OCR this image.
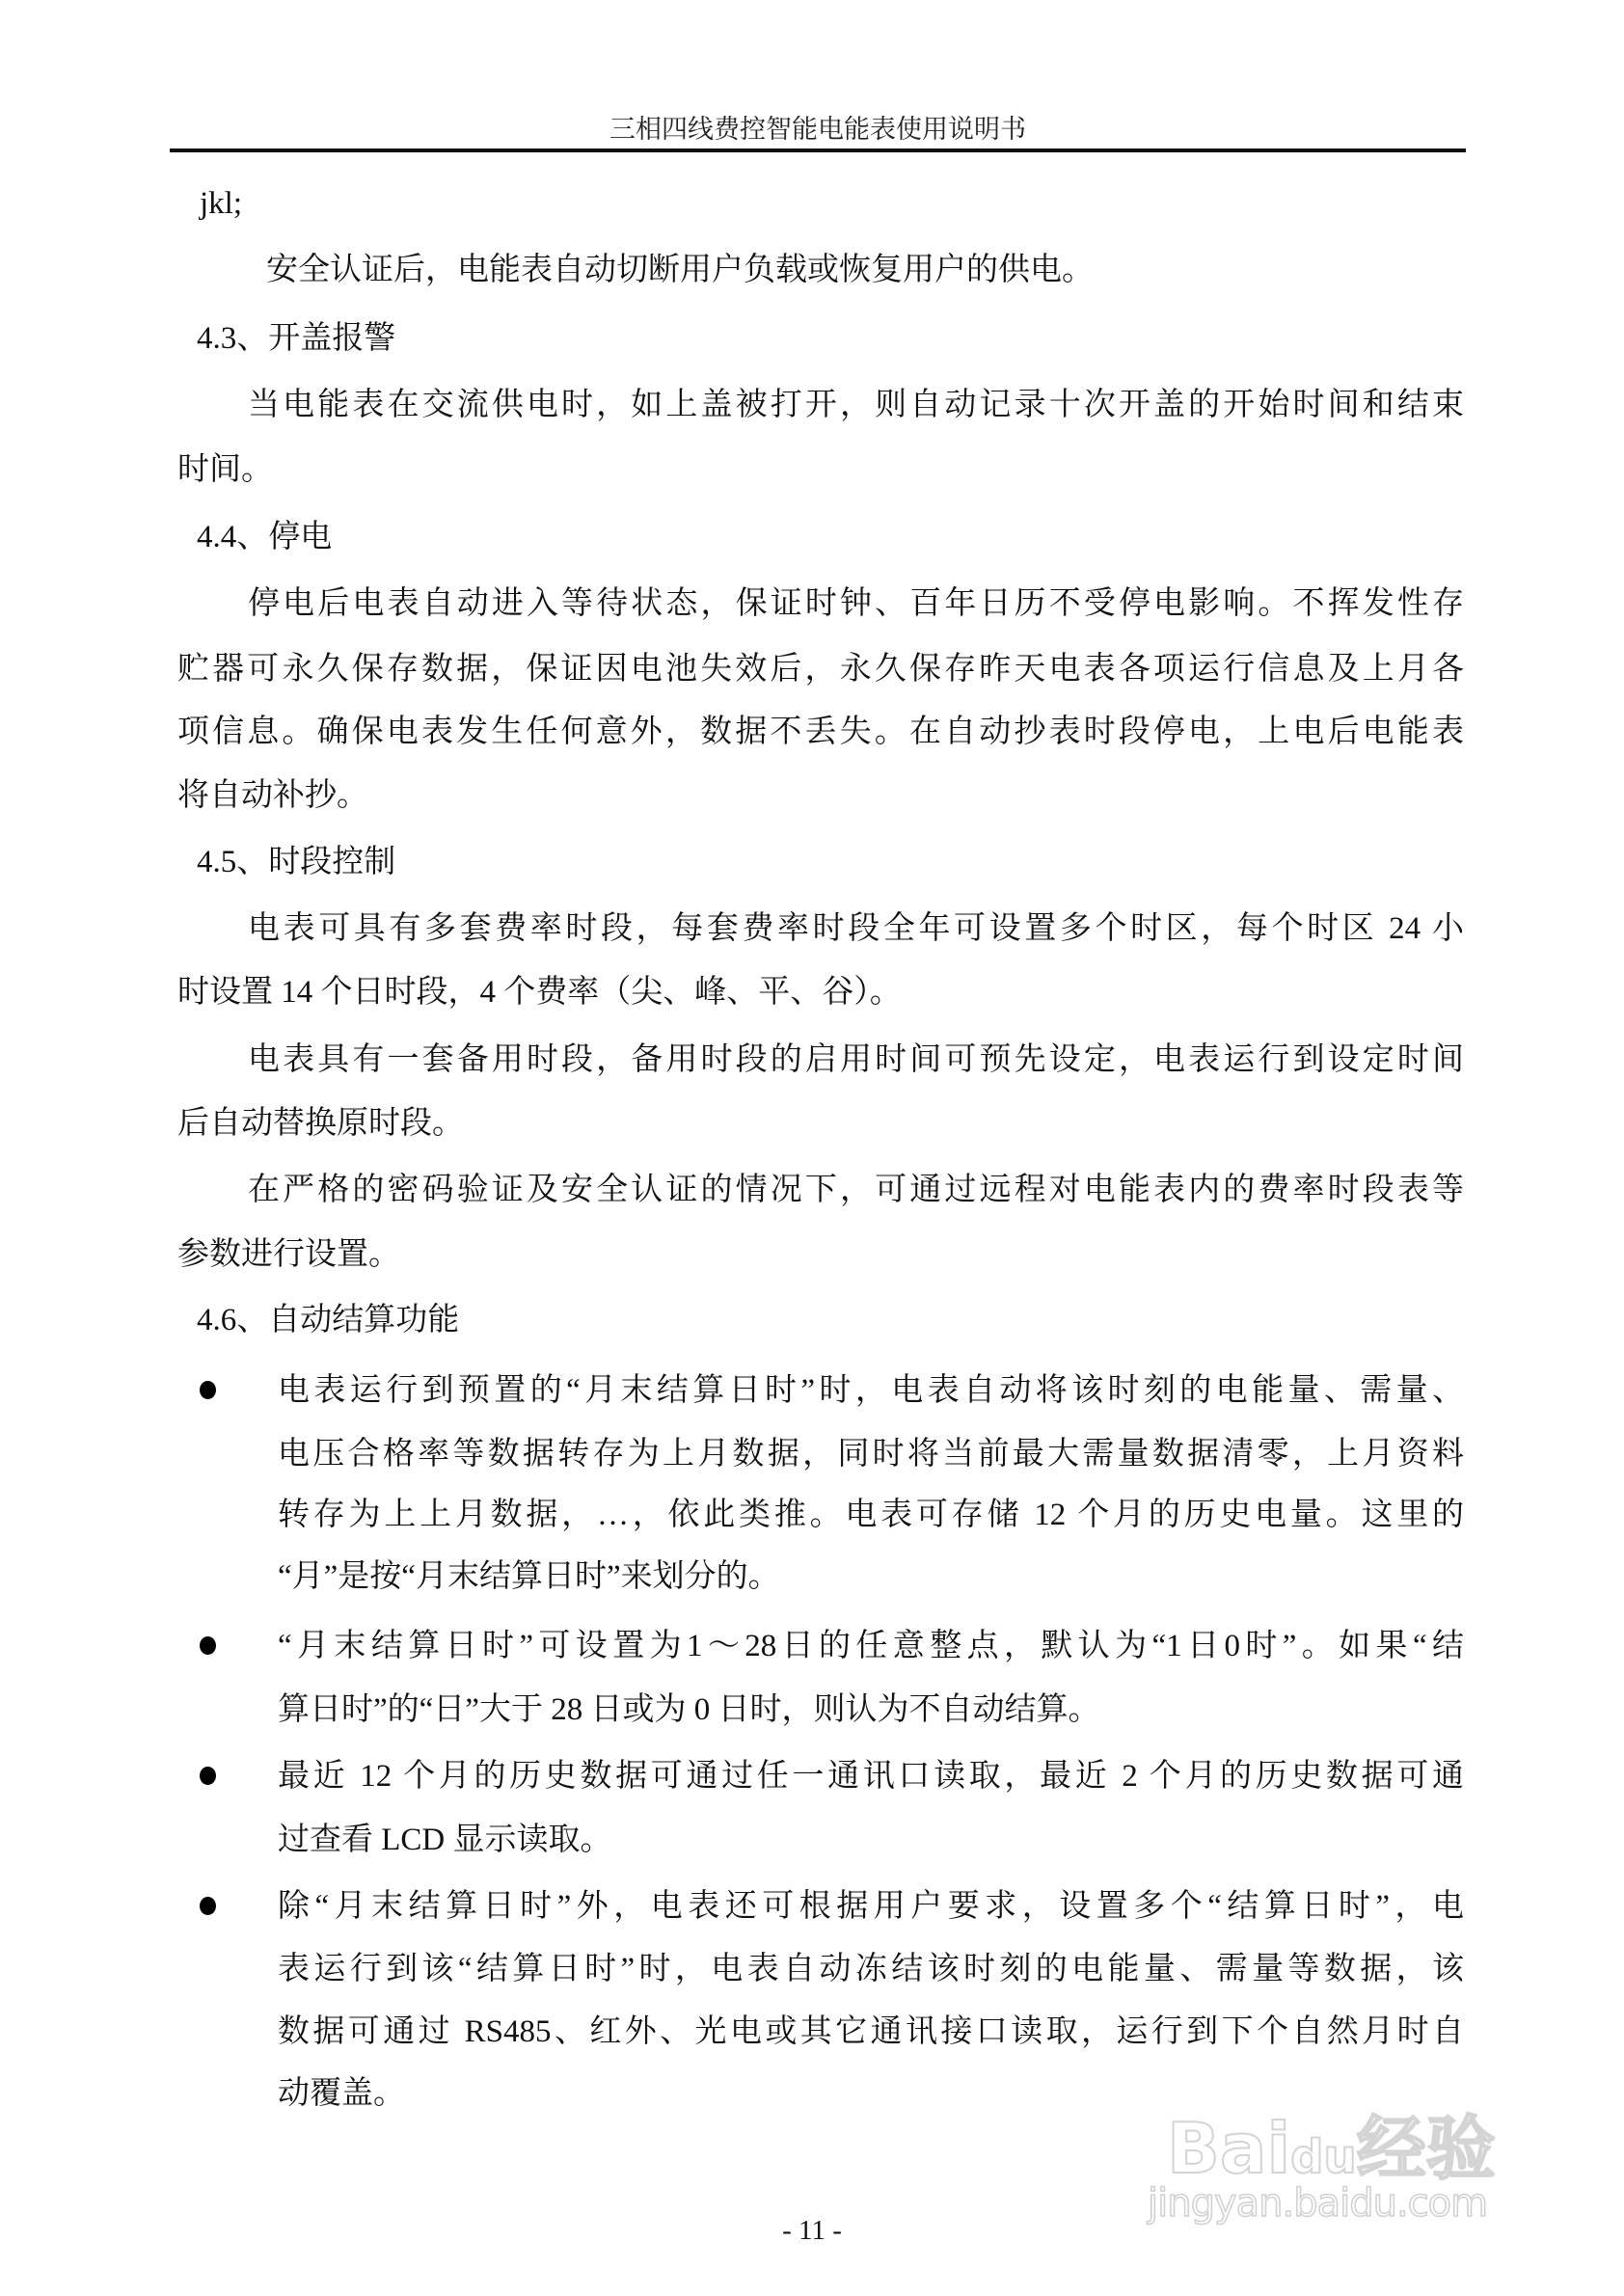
三相四线费控智能电能表使用说明书
jkl;
安全认证后，电能表自动切断用户负载或恢复用户的供电。
4.3、开盖报警
当电能表在交流供电时，如上盖被打开，则自动记录十次开盖的开始时间和结束
时间。
4.4、停电
停电后电表自动进入等待状态，保证时钟、百年日历不受停电影响。不挥发性存
贮器可永久保存数据，保证因电池失效后，永久保存昨天电表各项运行信息及上月各
项信息。确保电表发生任何意外，数据不丢失。在自动抄表时段停电，上电后电能表
将自动补抄。
4.5、时段控制
电表可具有多套费率时段，每套费率时段全年可设置多个时区，每个时区 24 小
时设置 14 个日时段，4 个费率（尖、峰、平、谷）。
电表具有一套备用时段，备用时段的启用时间可预先设定，电表运行到设定时间
后自动替换原时段。
在严格的密码验证及安全认证的情况下，可通过远程对电能表内的费率时段表等
参数进行设置。
4.6、自动结算功能
电表运行到预置的“月末结算日时”时，电表自动将该时刻的电能量、需量、
电压合格率等数据转存为上月数据，同时将当前最大需量数据清零，上月资料
转存为上上月数据，…，依此类推。电表可存储 12 个月的历史电量。这里的
“月”是按“月末结算日时”来划分的。
“月末结算日时”可设置为1～28日的任意整点，默认为“1日0时”。如果“结
算日时”的“日”大于 28 日或为 0 日时，则认为不自动结算。
最近 12 个月的历史数据可通过任一通讯口读取，最近 2 个月的历史数据可通
过查看 LCD 显示读取。
除“月末结算日时”外，电表还可根据用户要求，设置多个“结算日时”，电
表运行到该“结算日时”时，电表自动冻结该时刻的电能量、需量等数据，该
数据可通过 RS485、红外、光电或其它通讯接口读取，运行到下个自然月时自
动覆盖。
- 11 -
Baidu经验
jingyan.baidu.com
